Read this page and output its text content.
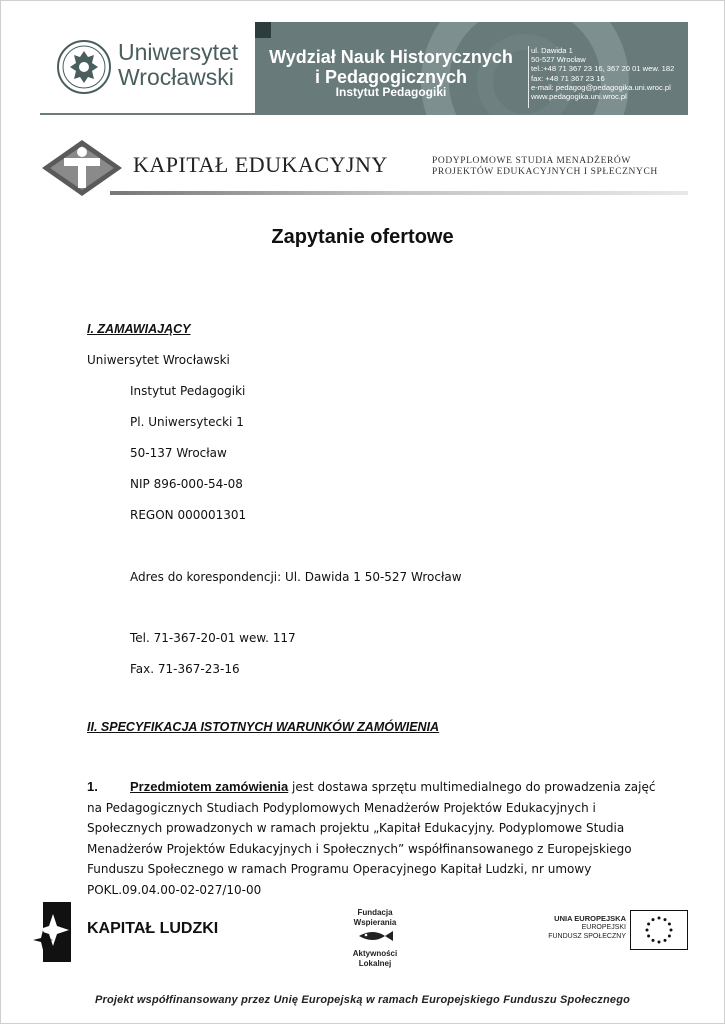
Uniwersytet
Wrocławski
Wydział Nauk Historycznych
i Pedagogicznych
Instytut Pedagogiki
ul. Dawida 1
50-527 Wrocław
tel.:+48 71 367 23 16, 367 20 01 wew. 182
fax: +48 71 367 23 16
e-mail: pedagog@pedagogika.uni.wroc.pl
www.pedagogika.uni.wroc.pl
KAPITAŁ EDUKACYJNY	PODYPLOMOWE STUDIA MENADŻERÓW
PROJEKTÓW EDUKACYJNYCH I SPŁECZNYCH
Zapytanie ofertowe
I. ZAMAWIAJĄCY
Uniwersytet Wrocławski
Instytut Pedagogiki
Pl. Uniwersytecki 1
50-137 Wrocław
NIP 896-000-54-08
REGON 000001301
Adres do korespondencji: Ul. Dawida 1 50-527 Wrocław
Tel. 71-367-20-01 wew. 117
Fax. 71-367-23-16
II. SPECYFIKACJA ISTOTNYCH WARUNKÓW ZAMÓWIENIA
1. Przedmiotem zamówienia jest dostawa sprzętu multimedialnego do prowadzenia zajęć
na Pedagogicznych Studiach Podyplomowych Menadżerów Projektów Edukacyjnych i Społecznych prowadzonych w ramach projektu „Kapitał Edukacyjny. Podyplomowe Studia Menadżerów Projektów Edukacyjnych i Społecznych” współfinansowanego z Europejskiego Funduszu Społecznego w ramach Programu Operacyjnego Kapitał Ludzki, nr umowy POKL.09.04.00-02-027/10-00
KAPITAŁ LUDZKI
Fundacja Wspierania
Aktywności Lokalnej
UNIA EUROPEJSKA
EUROPEJSKI
FUNDUSZ SPOŁECZNY
Projekt współfinansowany przez Unię Europejską w ramach Europejskiego Funduszu Społecznego
